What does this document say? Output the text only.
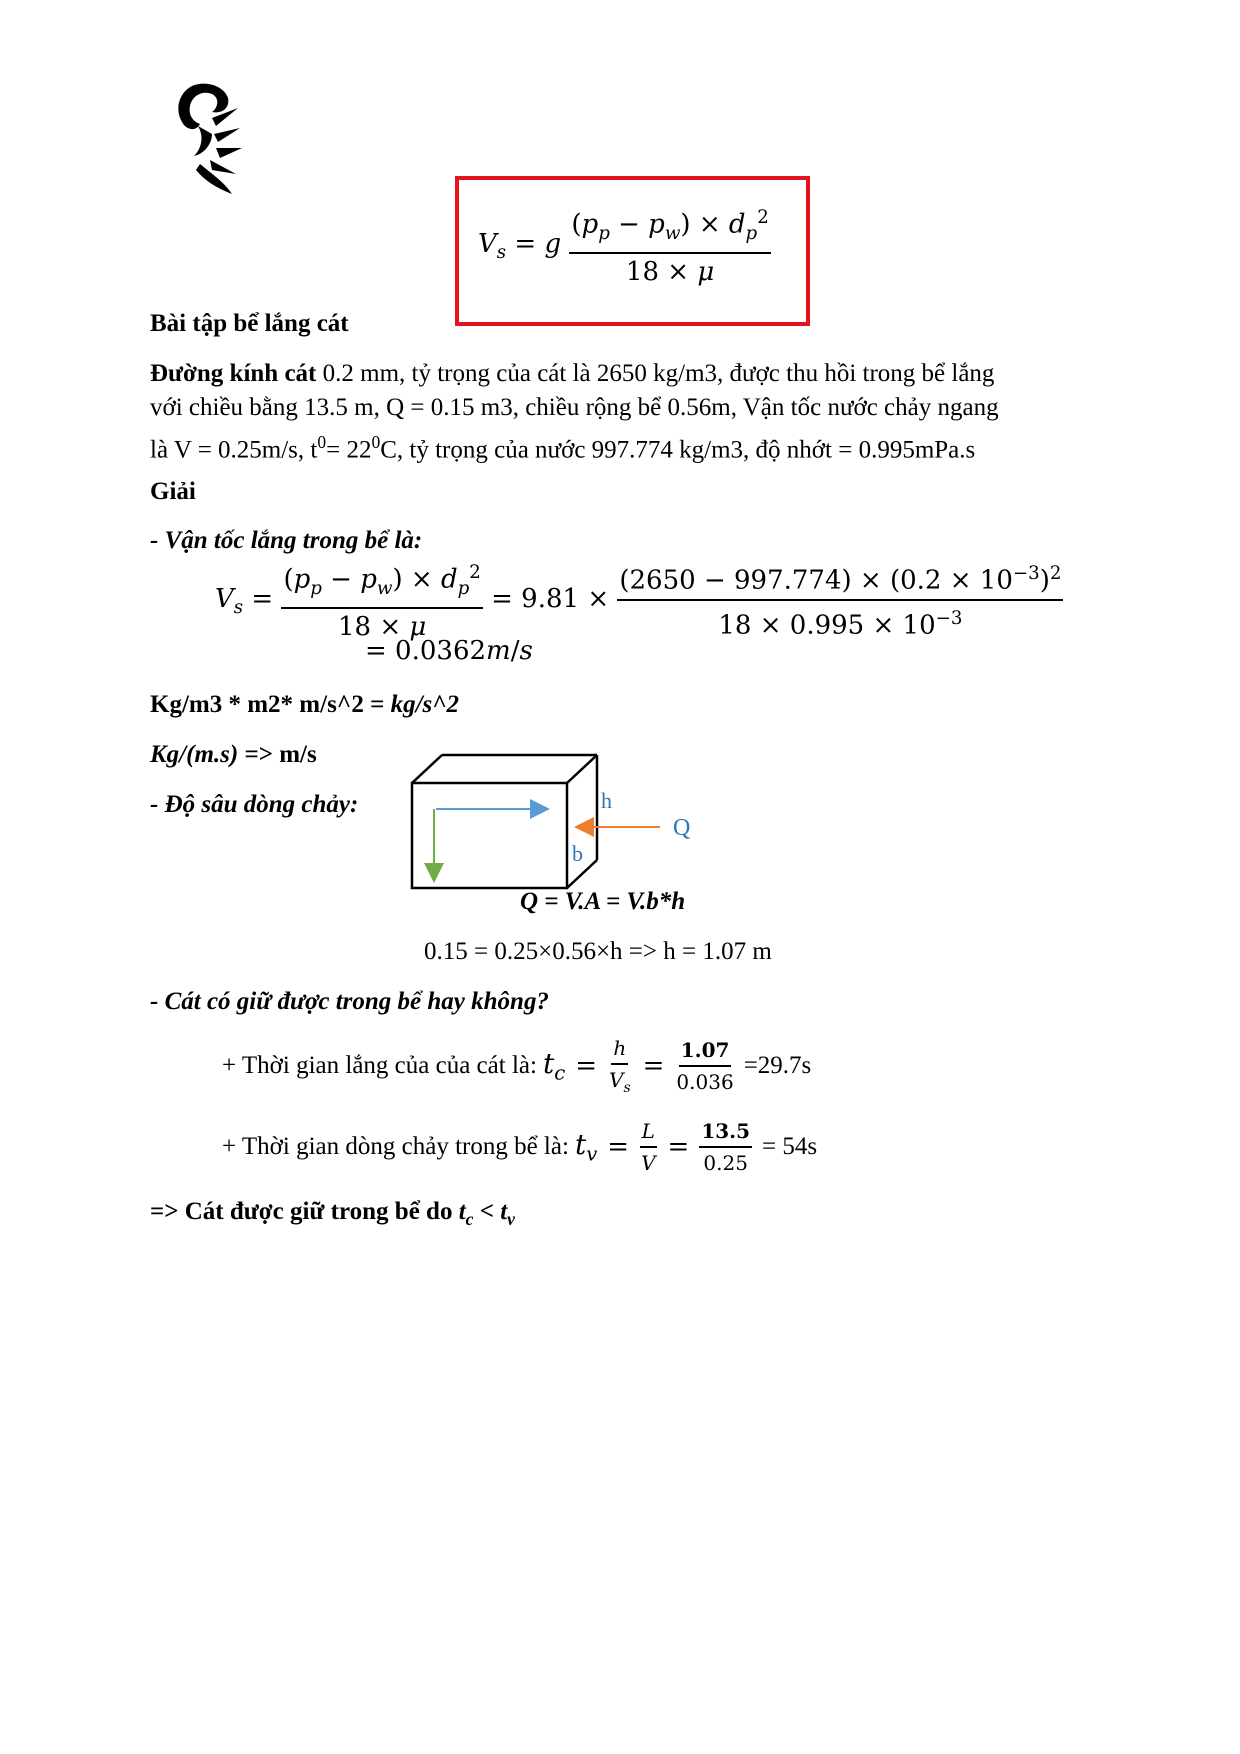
$V_s = g \frac{(p_p - p_w) \times d_p^2}{18 \times \mu}$
Bài tập bể lắng cát
Đường kính cát 0.2 mm, tỷ trọng của cát là 2650 kg/m3, được thu hồi trong bể lắng
với chiều bằng 13.5 m, Q = 0.15 m3, chiều rộng bể 0.56m, Vận tốc nước chảy ngang
là V = 0.25m/s, $t^0= 22^0C$, tỷ trọng của nước 997.774 kg/m3, độ nhớt = 0.995mPa.s
Giải
- Vận tốc lắng trong bể là:
$V_s = \frac{(p_p - p_w) \times d_p^2}{18 \times \mu} = 9.81 \times \frac{(2650 - 997.774) \times (0.2 \times 10^{-3})^2}{18 \times 0.995 \times 10^{-3}}$
= 0.0362m/s
Kg/m3 * m2* m/s^2 = kg/s^2
Kg/(m.s) => m/s
- Độ sâu dòng chảy:	h
b
Q
Q = V.A = V.b*h
0.15 = 0.25×0.56×h => h = 1.07 m
- Cát có giữ được trong bể hay không?
+ Thời gian lắng của của cát là: $t_c = \frac{h}{V_s} = \frac{1.07}{0.036} =29.7s$
+ Thời gian dòng chảy trong bể là: $t_v = \frac{L}{V} = \frac{13.5}{0.25} = 54s$
=> Cát được giữ trong bể do $t_c < t_v$
